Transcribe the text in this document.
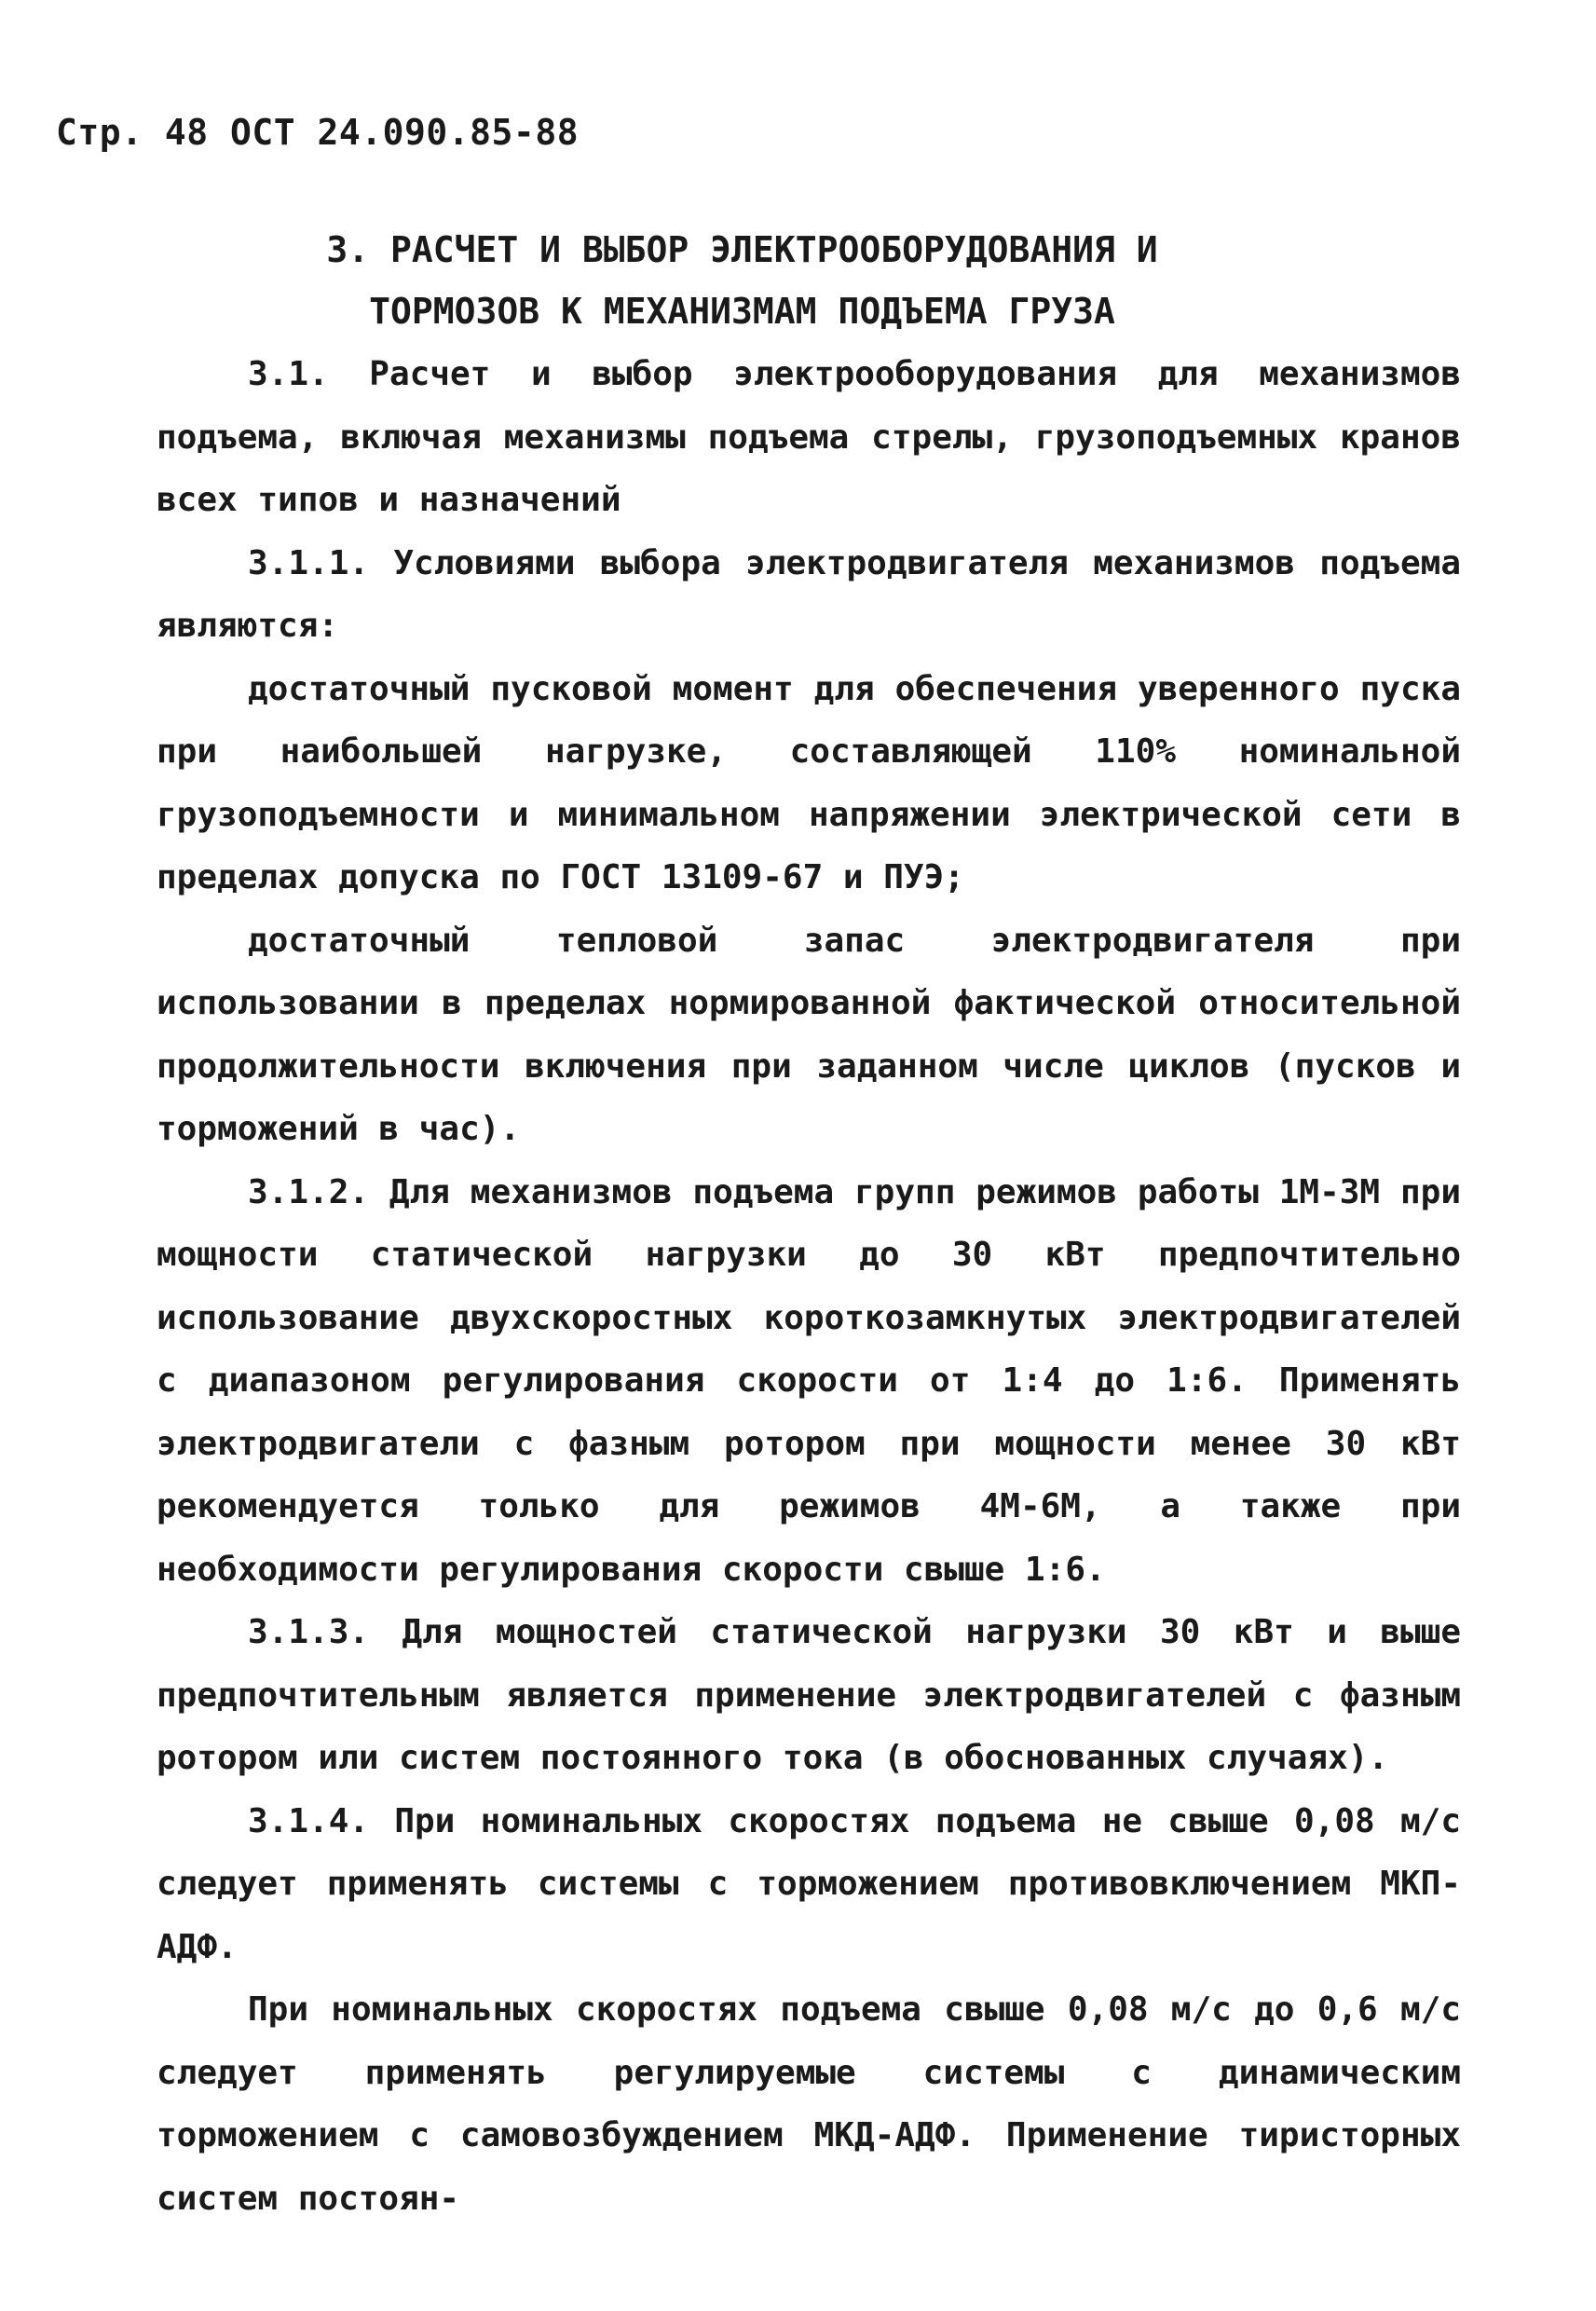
Стр. 48 ОСТ 24.090.85-88
3. РАСЧЕТ И ВЫБОР ЭЛЕКТРООБОРУДОВАНИЯ И
ТОРМОЗОВ К МЕХАНИЗМАМ ПОДЪЕМА ГРУЗА

3.1. Расчет и выбор электрооборудования для механизмов подъема, включая механизмы подъема стрелы, грузоподъемных кранов всех типов и назначений

3.1.1. Условиями выбора электродвигателя механизмов подъема являются:

достаточный пусковой момент для обеспечения уверенного пуска при наибольшей нагрузке, составляющей 110% номинальной грузоподъемности и минимальном напряжении электрической сети в пределах допуска по ГОСТ 13109-67 и ПУЭ;

достаточный тепловой запас электродвигателя при использовании в пределах нормированной фактической относительной продолжительности включения при заданном числе циклов (пусков и торможений в час).

3.1.2. Для механизмов подъема групп режимов работы 1М-3М при мощности статической нагрузки до 30 кВт предпочтительно использование двухскоростных короткозамкнутых электродвигателей с диапазоном регулирования скорости от 1:4 до 1:6. Применять электродвигатели с фазным ротором при мощности менее 30 кВт рекомендуется только для режимов 4М-6М, а также при необходимости регулирования скорости свыше 1:6.

3.1.3. Для мощностей статической нагрузки 30 кВт и выше предпочтительным является применение электродвигателей с фазным ротором или систем постоянного тока (в обоснованных случаях).

3.1.4. При номинальных скоростях подъема не свыше 0,08 м/с следует применять системы с торможением противовключением МКП-АДФ.

При номинальных скоростях подъема свыше 0,08 м/с до 0,6 м/с следует применять регулируемые системы с динамическим торможением с самовозбуждением МКД-АДФ. Применение тиристорных систем постоян-
